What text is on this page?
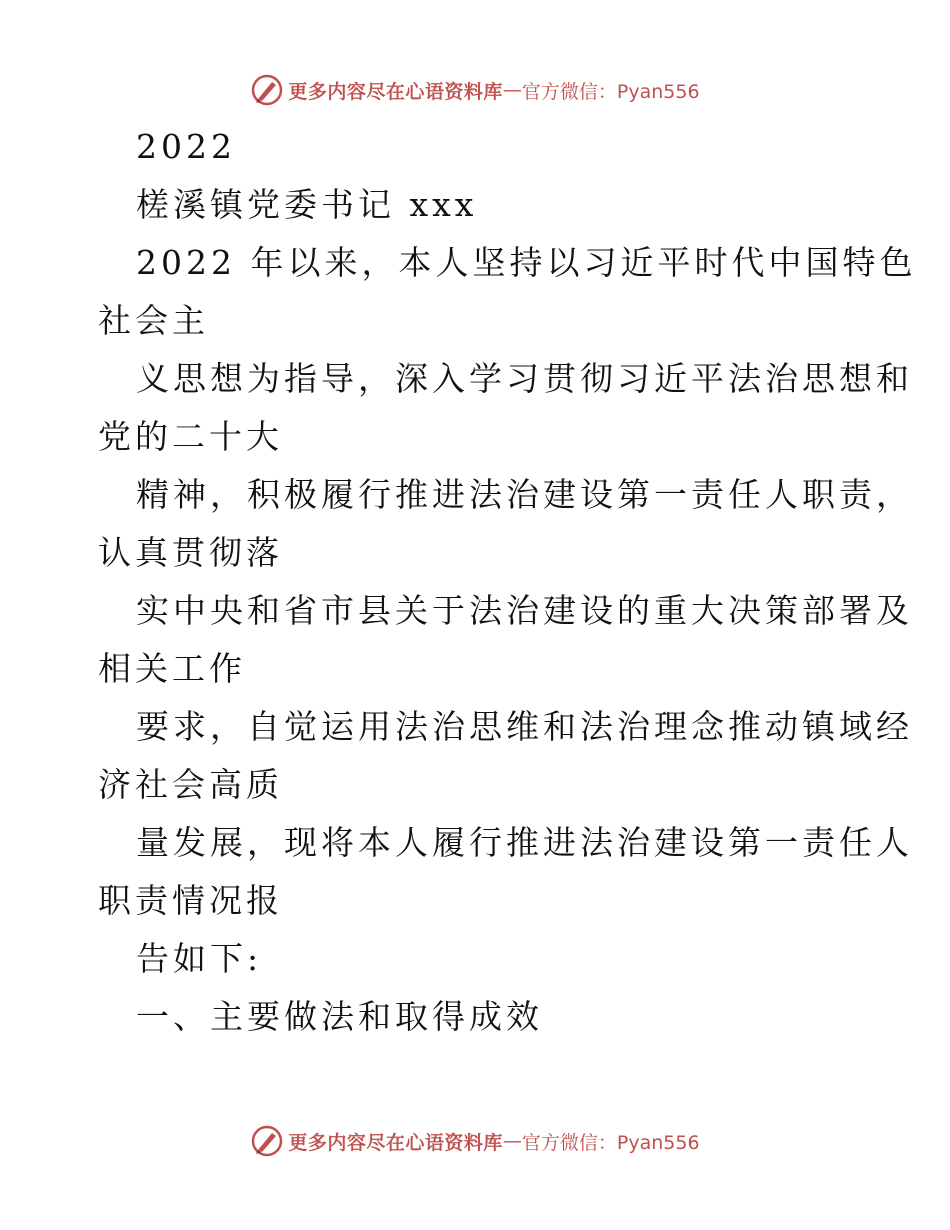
更多内容尽在心语资料库 — 官方微信：Pyan556
2022
槎溪镇党委书记 xxx
2022 年以来，本人坚持以习近平时代中国特色
社会主
义思想为指导，深入学习贯彻习近平法治思想和
党的二十大
精神，积极履行推进法治建设第一责任人职责，
认真贯彻落
实中央和省市县关于法治建设的重大决策部署及
相关工作
要求，自觉运用法治思维和法治理念推动镇域经
济社会高质
量发展，现将本人履行推进法治建设第一责任人
职责情况报
告如下:
一、主要做法和取得成效
更多内容尽在心语资料库 — 官方微信：Pyan556
